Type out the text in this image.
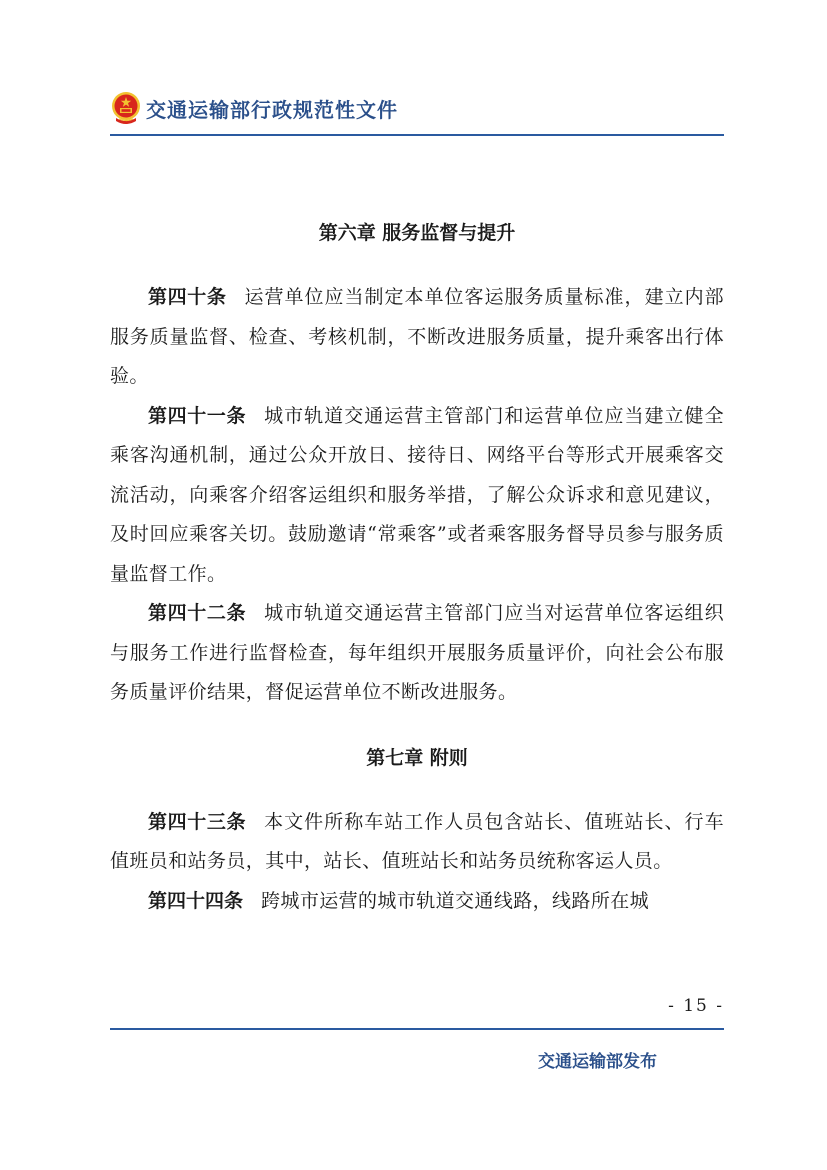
交通运输部行政规范性文件
第六章 服务监督与提升

第四十条 运营单位应当制定本单位客运服务质量标准，建立内部服务质量监督、检查、考核机制，不断改进服务质量，提升乘客出行体验。

第四十一条 城市轨道交通运营主管部门和运营单位应当建立健全乘客沟通机制，通过公众开放日、接待日、网络平台等形式开展乘客交流活动，向乘客介绍客运组织和服务举措，了解公众诉求和意见建议，及时回应乘客关切。鼓励邀请“常乘客”或者乘客服务督导员参与服务质量监督工作。

第四十二条 城市轨道交通运营主管部门应当对运营单位客运组织与服务工作进行监督检查，每年组织开展服务质量评价，向社会公布服务质量评价结果，督促运营单位不断改进服务。

第七章 附则

第四十三条 本文件所称车站工作人员包含站长、值班站长、行车值班员和站务员，其中，站长、值班站长和站务员统称客运人员。

第四十四条 跨城市运营的城市轨道交通线路，线路所在城

- 15 -
交通运输部发布
